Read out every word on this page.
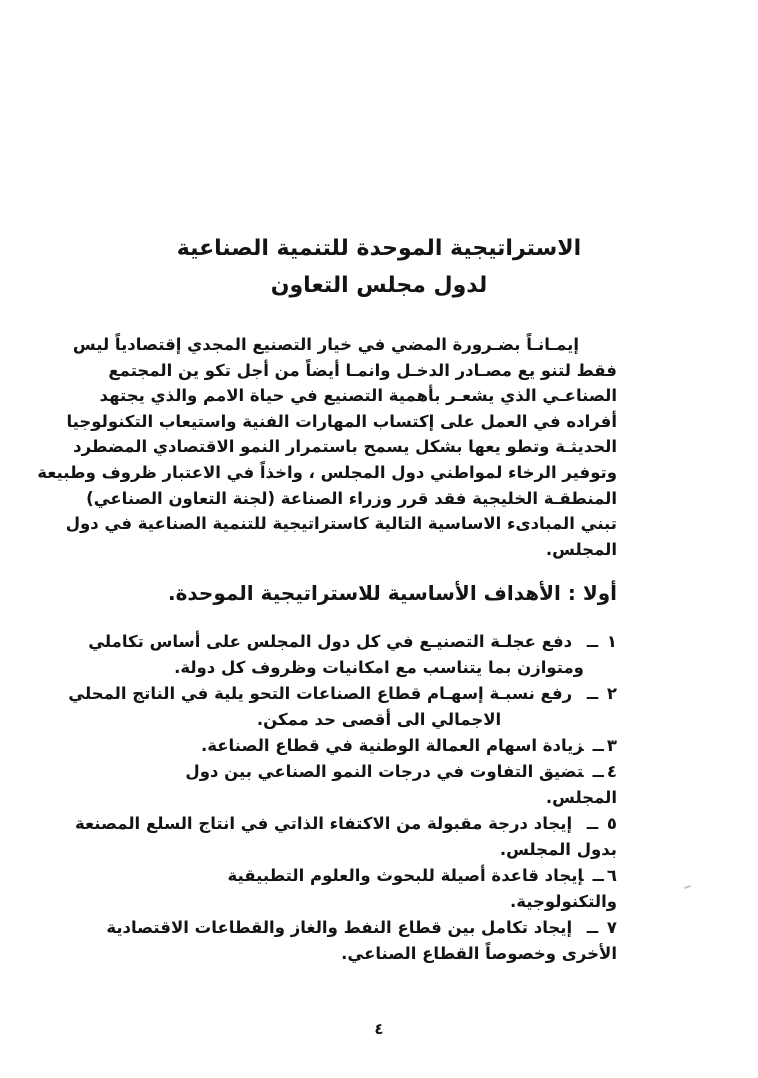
الاستراتيجية الموحدة للتنمية الصناعية
لدول مجلس التعاون
إيمـانـاً بضـرورة المضي في خيار التصنيع المجدي إقتصادياً ليس
فقط لتنو يع مصـادر الدخـل وانمـا أيضاً من أجل تكو ين المجتمع
الصناعـي الذي يشعـر بأهمية التصنيع في حياة الامم والذي يجتهد
أفراده في العمل على إكتساب المهارات الفنية واستيعاب التكنولوجيا
الحديثـة وتطو يعها بشكل يسمح باستمرار النمو الاقتصادي المضطرد
وتوفير الرخاء لمواطني دول المجلس ، واخذاً في الاعتبار ظروف وطبيعة
المنطقـة الخليجية فقد قرر وزراء الصناعة (لجنة التعاون الصناعي)
تبني المبادىء الاساسية التالية كاستراتيجية للتنمية الصناعية في دول
المجلس.
أولا : الأهداف الأساسية للاستراتيجية الموحدة.
١ ــ دفع عجلـة التصنيـع في كل دول المجلس على أساس تكاملي
ومتوازن بما يتناسب مع امكانيات وظروف كل دولة.
٢ ــ رفع نسبـة إسهـام قطاع الصناعات التحو يلية في الناتج المحلي
الاجمالي الى أقصى حد ممكن.
٣ــزيادة اسهام العمالة الوطنية في قطاع الصناعة.
٤ــتضيق التفاوت في درجات النمو الصناعي بين دول المجلس.
٥ ــ إيجاد درجة مقبولة من الاكتفاء الذاتي في انتاج السلع المصنعة
بدول المجلس.
٦ــإيجاد قاعدة أصيلة للبحوث والعلوم التطبيقية والتكنولوجية.
٧ ــ إيجاد تكامل بين قطاع النفط والغاز والقطاعات الاقتصادية
الأخرى وخصوصاً القطاع الصناعي.
٤
